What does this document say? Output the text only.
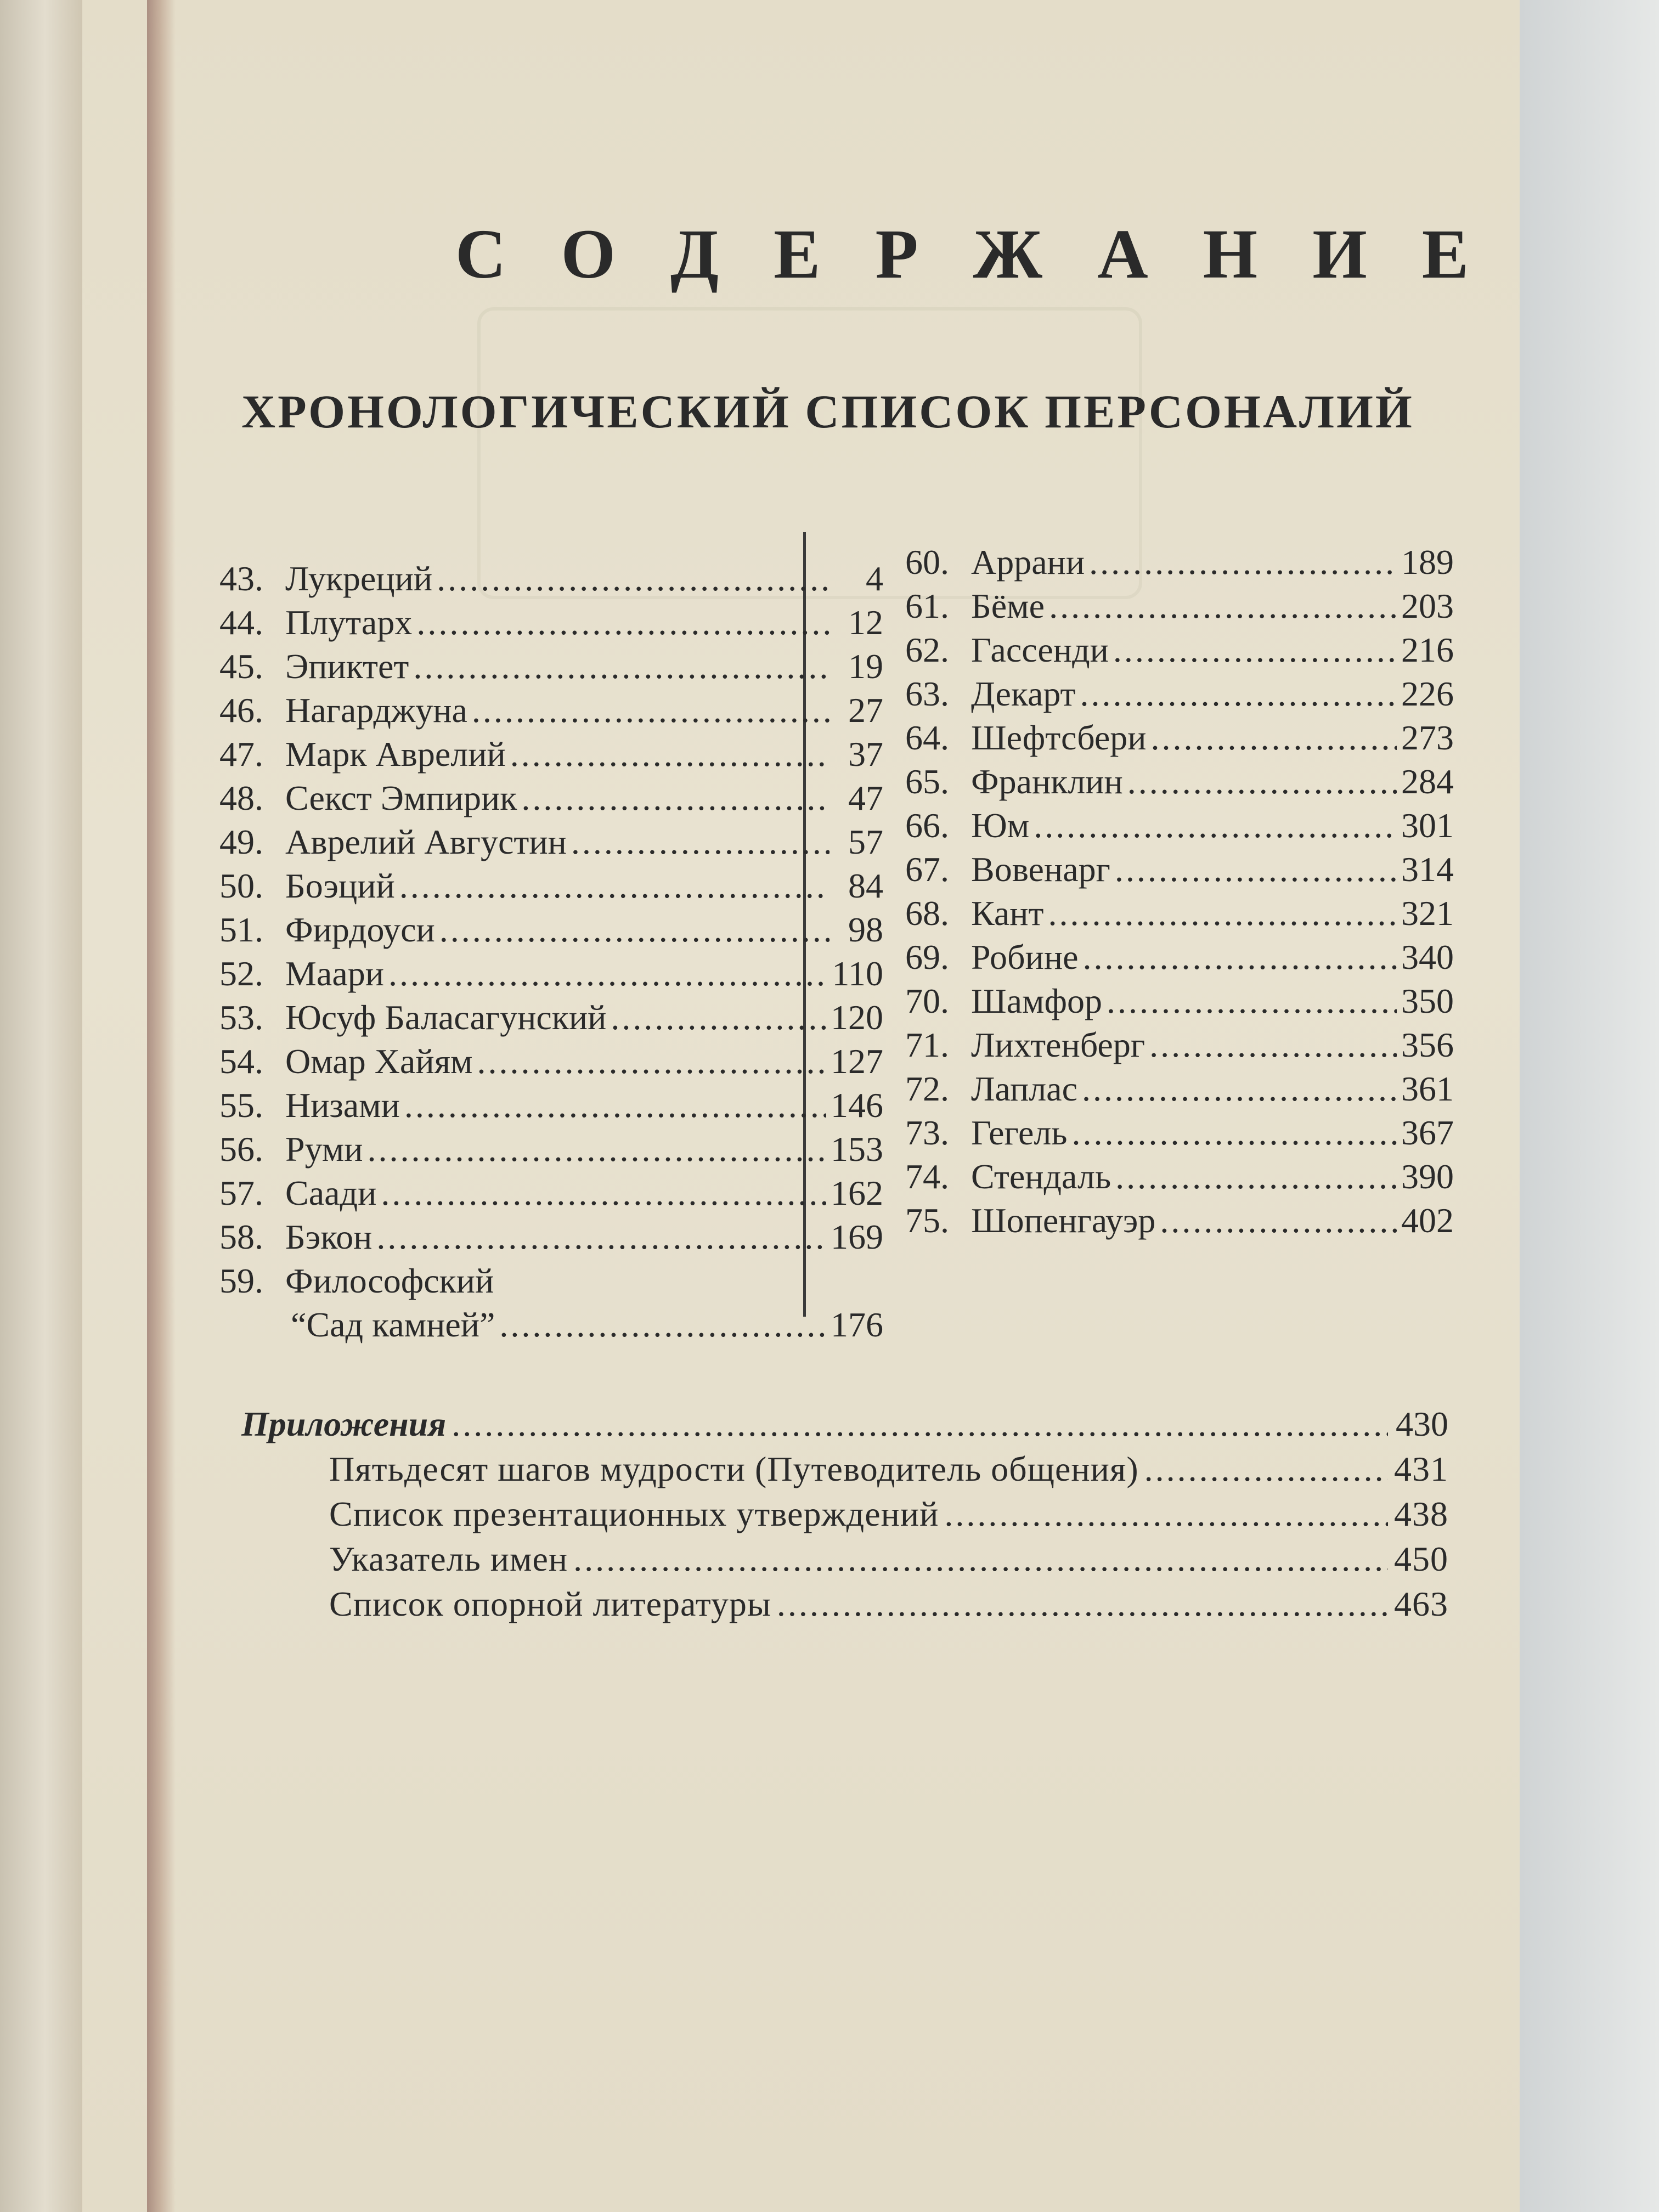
С О Д Е Р Ж А Н И Е
ХРОНОЛОГИЧЕСКИЙ СПИСОК ПЕРСОНАЛИЙ
43. Лукреций .....	4
44. Плутарх .....	12
45. Эпиктет .....	19
46. Нагарджуна .....	27
47. Марк Аврелий .....	37
48. Секст Эмпирик .....	47
49. Аврелий Августин .....	57
50. Боэций .....	84
51. Фирдоуси .....	98
52. Маари .....	110
53. Юсуф Баласагунский .....	120
54. Омар Хайям .....	127
55. Низами .....	146
56. Руми .....	153
57. Саади .....	162
58. Бэкон .....	169
59. Философский
“Сад камней” .....	176
60. Аррани .....	189
61. Бёме .....	203
62. Гассенди .....	216
63. Декарт .....	226
64. Шефтсбери .....	273
65. Франклин .....	284
66. Юм .....	301
67. Вовенарг .....	314
68. Кант .....	321
69. Робине .....	340
70. Шамфор .....	350
71. Лихтенберг .....	356
72. Лаплас .....	361
73. Гегель .....	367
74. Стендаль .....	390
75. Шопенгауэр .....	402
Приложения .....	430
Пятьдесят шагов мудрости (Путеводитель общения) .....	431
Список презентационных утверждений .....	438
Указатель имен .....	450
Список опорной литературы .....	463
